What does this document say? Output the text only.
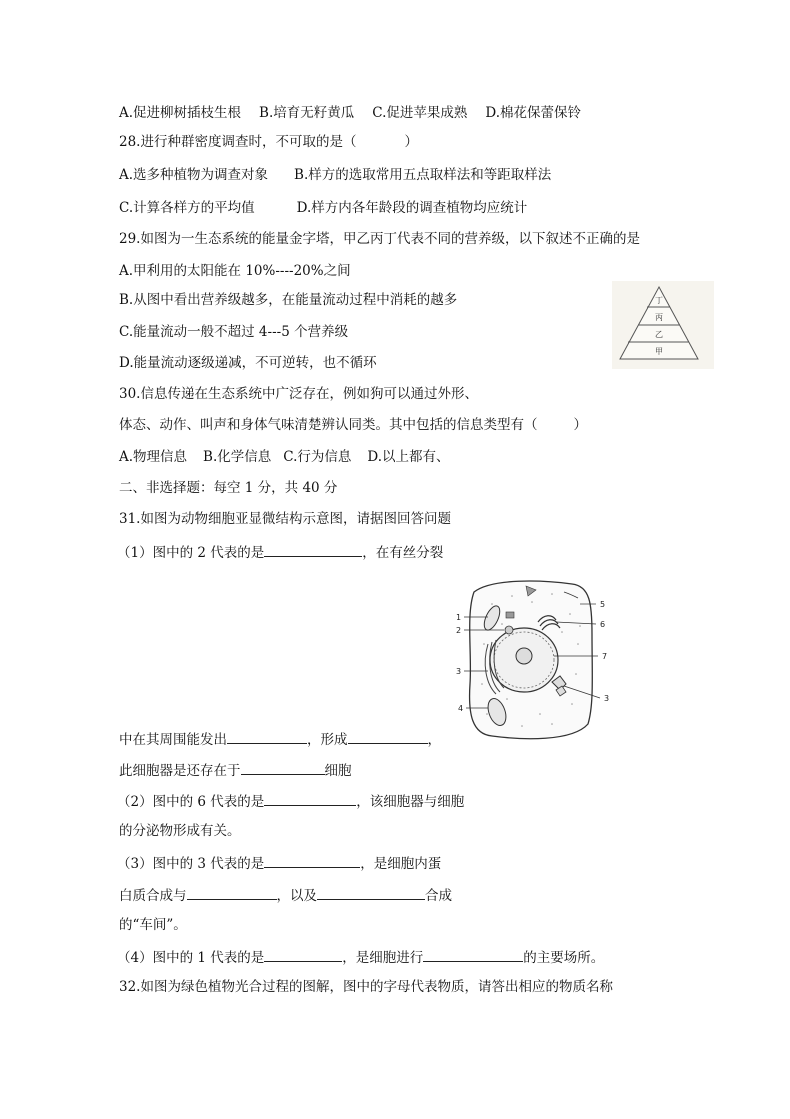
A.促进柳树插枝生根 B.培育无籽黄瓜 C.促进苹果成熟 D.棉花保蕾保铃
28.进行种群密度调查时，不可取的是（	）
A.选多种植物为调查对象 B.样方的选取常用五点取样法和等距取样法
C.计算各样方的平均值	D.样方内各年龄段的调查植物均应统计
29.如图为一生态系统的能量金字塔，甲乙丙丁代表不同的营养级，以下叙述不正确的是
A.甲利用的太阳能在 10%----20%之间
B.从图中看出营养级越多，在能量流动过程中消耗的越多
C.能量流动一般不超过 4---5 个营养级
D.能量流动逐级递减，不可逆转，也不循环
丁
丙
乙
甲
30.信息传递在生态系统中广泛存在，例如狗可以通过外形、
体态、动作、叫声和身体气味清楚辨认同类。其中包括的信息类型有（	）
A.物理信息 B.化学信息 C.行为信息 D.以上都有、
二、非选择题：每空 1 分，共 40 分
31.如图为动物细胞亚显微结构示意图，请据图回答问题
（1）图中的 2 代表的是	，在有丝分裂
1
2
3
4
5
6
7
3
中在其周围能发出	，形成	，
此细胞器是还存在于	细胞
（2）图中的 6 代表的是	，该细胞器与细胞
的分泌物形成有关。
（3）图中的 3 代表的是	，是细胞内蛋
白质合成与	，以及	合成
的“车间”。
（4）图中的 1 代表的是	，是细胞进行	的主要场所。
32.如图为绿色植物光合过程的图解，图中的字母代表物质，请答出相应的物质名称
